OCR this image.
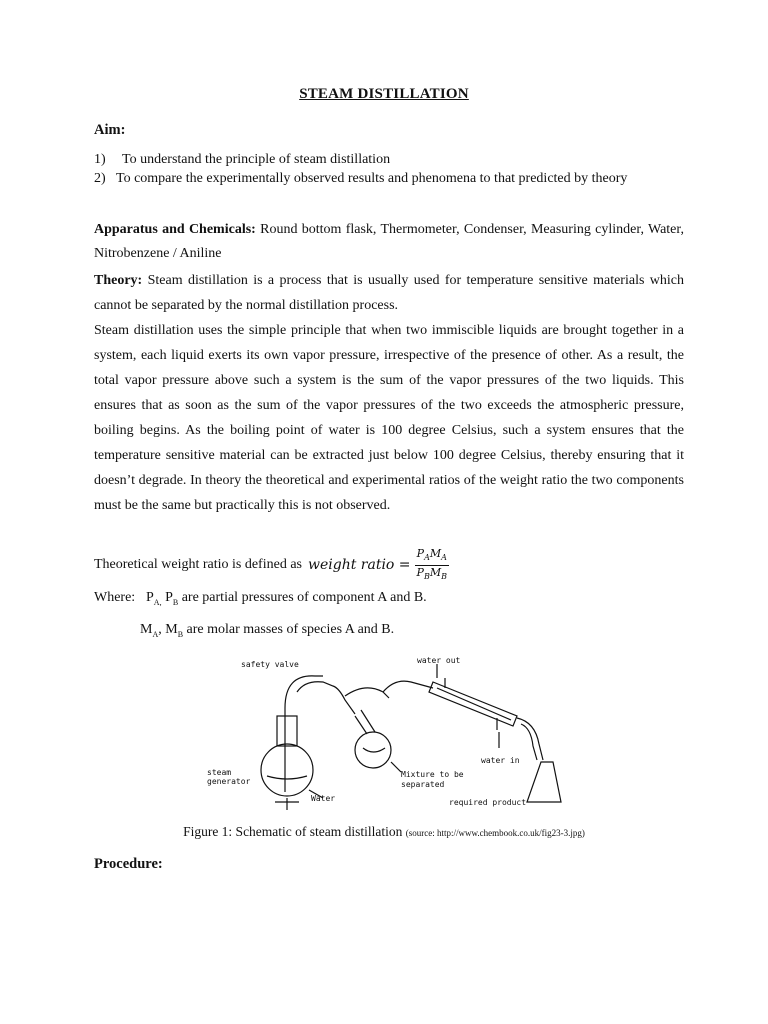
STEAM DISTILLATION
Aim:
1)	To understand the principle of steam distillation
2) To compare the experimentally observed results and phenomena to that predicted by theory
Apparatus and Chemicals: Round bottom flask, Thermometer, Condenser, Measuring cylinder, Water, Nitrobenzene / Aniline

Theory: Steam distillation is a process that is usually used for temperature sensitive materials which cannot be separated by the normal distillation process.

Steam distillation uses the simple principle that when two immiscible liquids are brought together in a system, each liquid exerts its own vapor pressure, irrespective of the presence of other. As a result, the total vapor pressure above such a system is the sum of the vapor pressures of the two liquids. This ensures that as soon as the sum of the vapor pressures of the two exceeds the atmospheric pressure, boiling begins. As the boiling point of water is 100 degree Celsius, such a system ensures that the temperature sensitive material can be extracted just below 100 degree Celsius, thereby ensuring that it doesn’t degrade. In theory the theoretical and experimental ratios of the weight ratio the two components must be the same but practically this is not observed.

Theoretical weight ratio is defined as weight ratio = $\frac{P_AM_A}{P_BM_B}$
Where: $P_{A,}$ $P_B$ are partial pressures of component A and B.
$M_A$, $M_B$ are molar masses of species A and B.
safety valve	water out
steam
generator
Water
Mixture to be
separated
water in
required product
Figure 1: Schematic of steam distillation (source: http://www.chembook.co.uk/fig23-3.jpg)
Procedure:
